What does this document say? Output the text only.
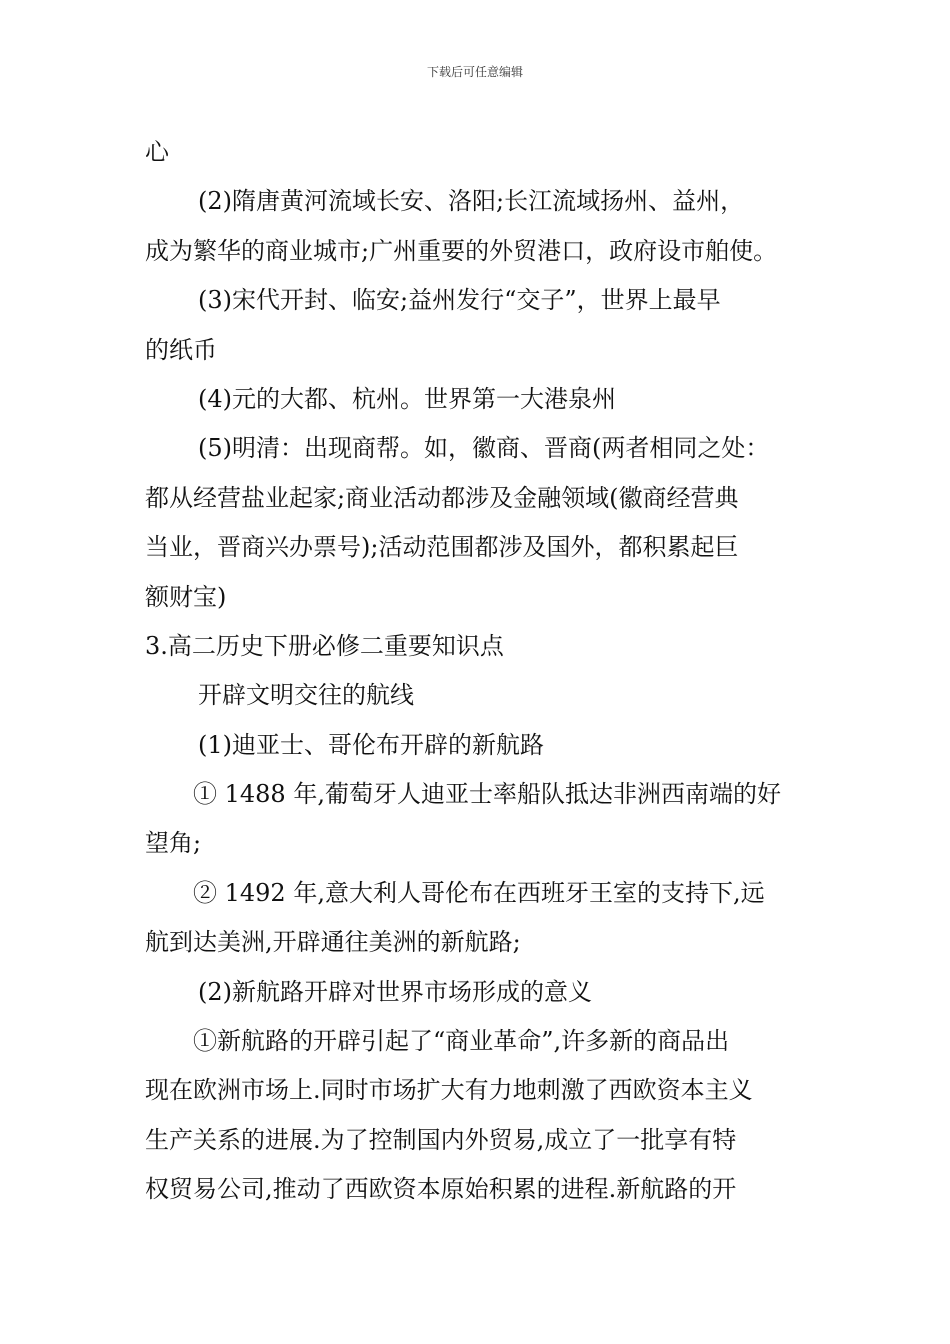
下载后可任意编辑
心
(2)隋唐黄河流域长安、洛阳;长江流域扬州、益州，
成为繁华的商业城市;广州重要的外贸港口，政府设市舶使。
(3)宋代开封、临安;益州发行“交子”，世界上最早
的纸币
(4)元的大都、杭州。世界第一大港泉州
(5)明清：出现商帮。如，徽商、晋商(两者相同之处：
都从经营盐业起家;商业活动都涉及金融领域(徽商经营典
当业，晋商兴办票号);活动范围都涉及国外，都积累起巨
额财宝)
3.高二历史下册必修二重要知识点
开辟文明交往的航线
(1)迪亚士、哥伦布开辟的新航路
① 1488 年,葡萄牙人迪亚士率船队抵达非洲西南端的好
望角;
② 1492 年,意大利人哥伦布在西班牙王室的支持下,远
航到达美洲,开辟通往美洲的新航路;
(2)新航路开辟对世界市场形成的意义
①新航路的开辟引起了“商业革命”,许多新的商品出
现在欧洲市场上.同时市场扩大有力地刺激了西欧资本主义
生产关系的进展.为了控制国内外贸易,成立了一批享有特
权贸易公司,推动了西欧资本原始积累的进程.新航路的开
